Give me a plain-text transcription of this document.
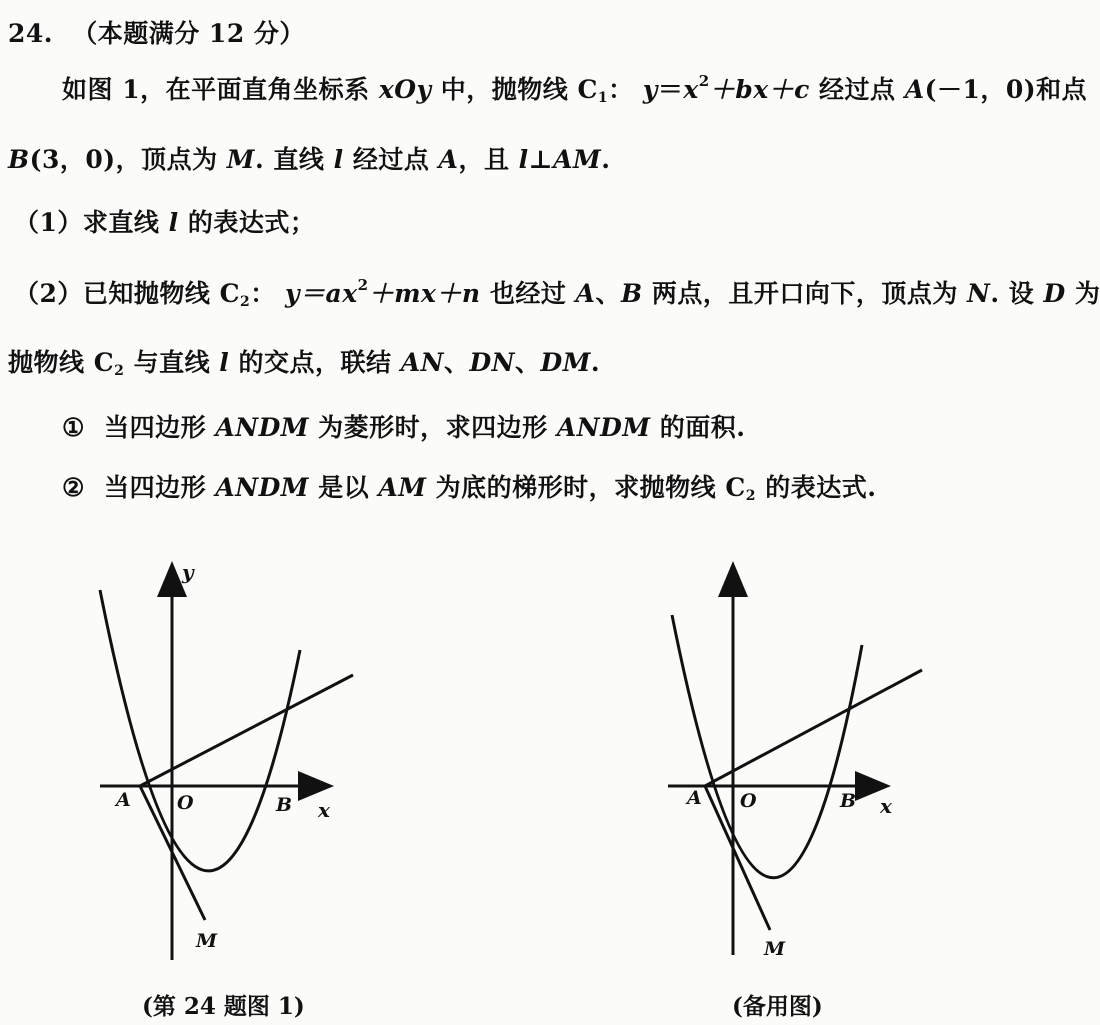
24. （本题满分 12 分）
如图 1，在平面直角坐标系 xOy 中，抛物线 $C_1$： $y=x^2+bx+c$ 经过点 A(－1，0)和点
B(3，0)，顶点为 M. 直线 l 经过点 A，且 l⊥AM.
（1）求直线 l 的表达式；
（2）已知抛物线 $C_2$： $y=ax^2+mx+n$ 也经过 A、B 两点，且开口向下，顶点为 N. 设 D 为
抛物线 $C_2$ 与直线 l 的交点，联结 AN、DN、DM.
① 当四边形 ANDM 为菱形时，求四边形 ANDM 的面积.
② 当四边形 ANDM 是以 AM 为底的梯形时，求抛物线 $C_2$ 的表达式.
y
x
O
A	B
M
(第 24 题图 1)
x
O
A	B
M
(备用图)
